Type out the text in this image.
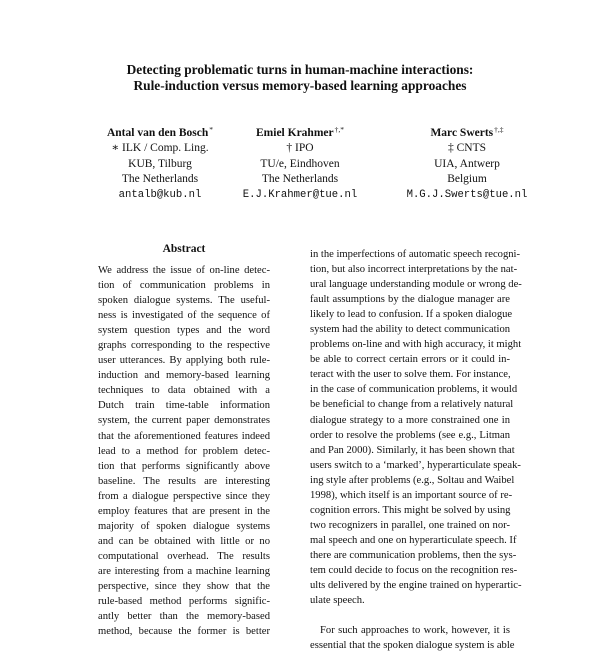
Detecting problematic turns in human-machine interactions:
Rule-induction versus memory-based learning approaches
Antal van den Bosch*
∗ ILK / Comp. Ling.
KUB, Tilburg
The Netherlands
antalb@kub.nl
Emiel Krahmer†,*
† IPO
TU/e, Eindhoven
The Netherlands
E.J.Krahmer@tue.nl
Marc Swerts†,‡
‡ CNTS
UIA, Antwerp
Belgium
M.G.J.Swerts@tue.nl
Abstract
We address the issue of on-line detec-
tion of communication problems in
spoken dialogue systems. The useful-
ness is investigated of the sequence of
system question types and the word
graphs corresponding to the respective
user utterances. By applying both rule-
induction and memory-based learning
techniques to data obtained with a
Dutch train time-table information
system, the current paper demonstrates
that the aforementioned features indeed
lead to a method for problem detec-
tion that performs significantly above
baseline. The results are interesting
from a dialogue perspective since they
employ features that are present in the
majority of spoken dialogue systems
and can be obtained with little or no
computational overhead. The results
are interesting from a machine learning
perspective, since they show that the
rule-based method performs signific-
antly better than the memory-based
method, because the former is better
in the imperfections of automatic speech recogni-
tion, but also incorrect interpretations by the nat-
ural language understanding module or wrong de-
fault assumptions by the dialogue manager are
likely to lead to confusion. If a spoken dialogue
system had the ability to detect communication
problems on-line and with high accuracy, it might
be able to correct certain errors or it could in-
teract with the user to solve them. For instance,
in the case of communication problems, it would
be beneficial to change from a relatively natural
dialogue strategy to a more constrained one in
order to resolve the problems (see e.g., Litman
and Pan 2000). Similarly, it has been shown that
users switch to a ‘marked’, hyperarticulate speak-
ing style after problems (e.g., Soltau and Waibel
1998), which itself is an important source of re-
cognition errors. This might be solved by using
two recognizers in parallel, one trained on nor-
mal speech and one on hyperarticulate speech. If
there are communication problems, then the sys-
tem could decide to focus on the recognition res-
ults delivered by the engine trained on hyperartic-
ulate speech.
For such approaches to work, however, it is
essential that the spoken dialogue system is able
